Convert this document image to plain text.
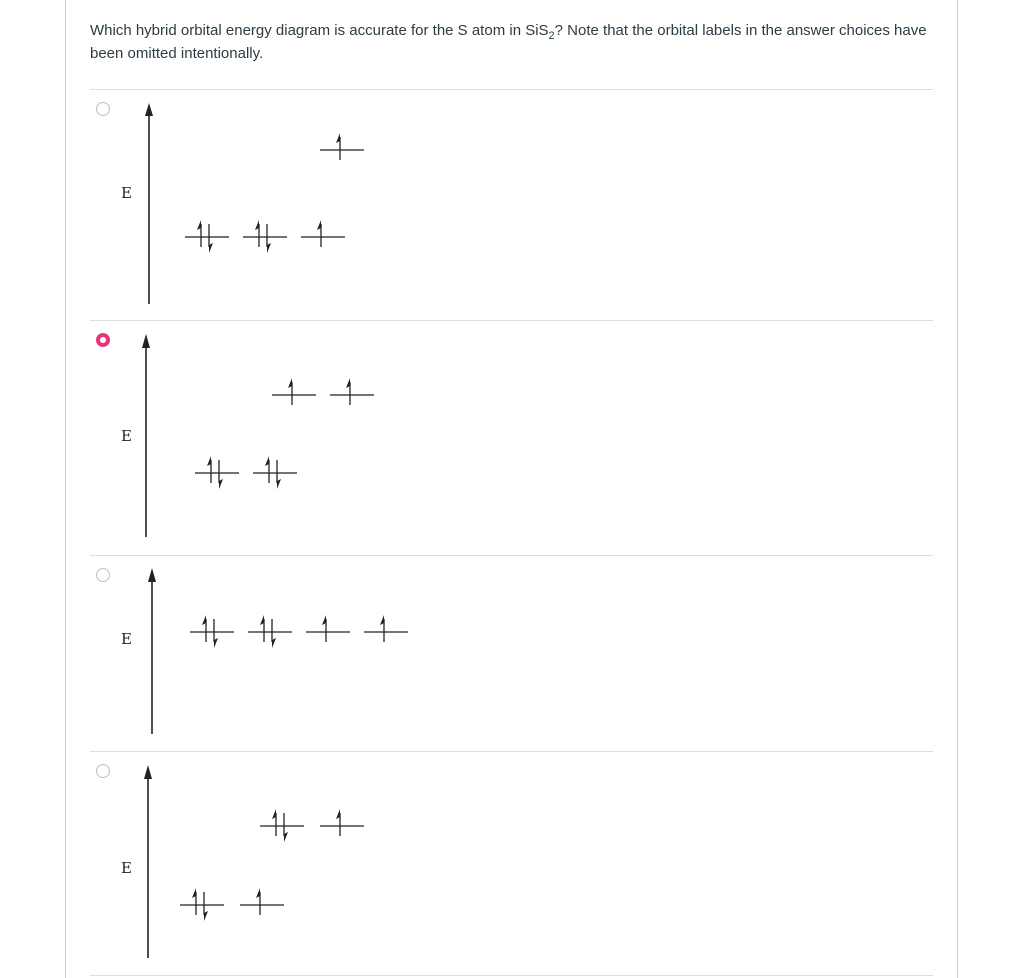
Which hybrid orbital energy diagram is accurate for the S atom in SiS$_2$? Note that the orbital labels in the answer choices have been omitted intentionally.
E
E
E
E
